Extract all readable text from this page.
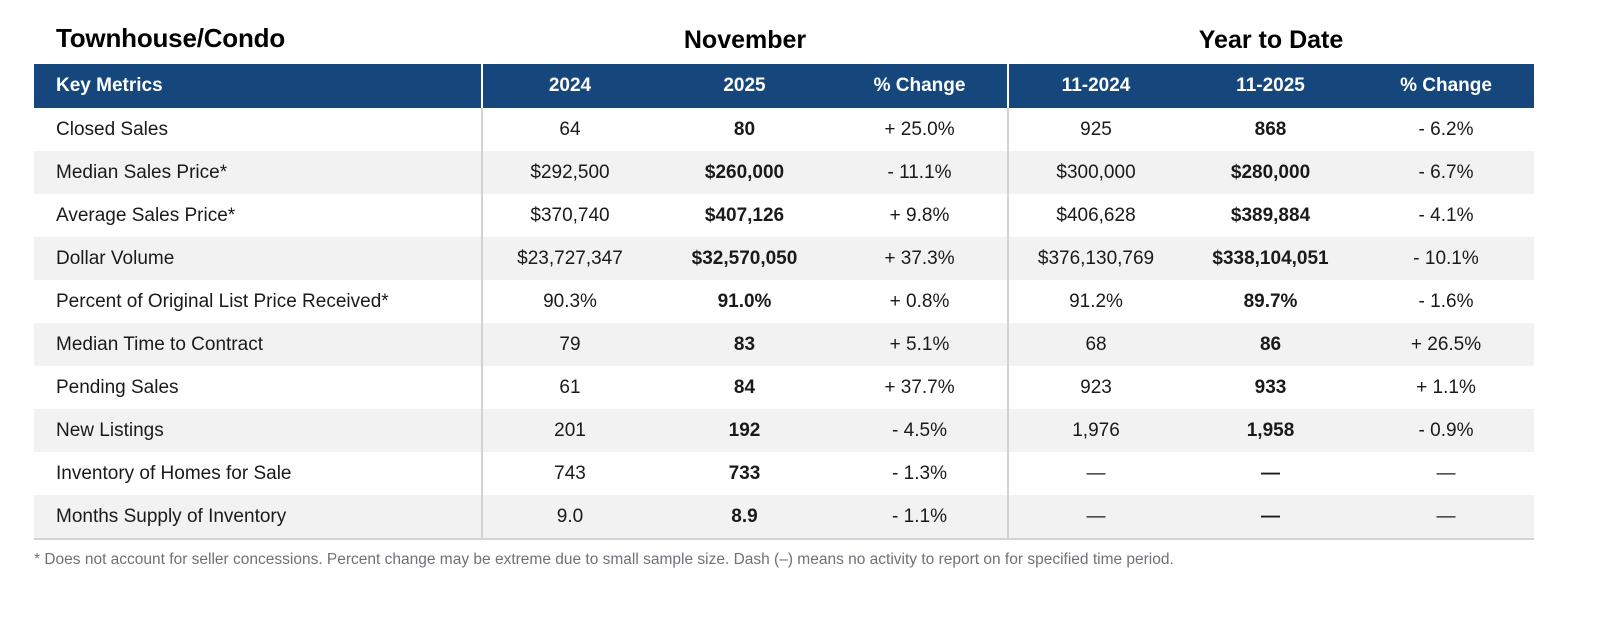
Townhouse/Condo	November			Year to Date		

Key Metrics	2024	2025	% Change	11-2024	11-2025	% Change
Closed Sales	64	80	+ 25.0%	925	868	- 6.2%
Median Sales Price*	$292,500	$260,000	- 11.1%	$300,000	$280,000	- 6.7%
Average Sales Price*	$370,740	$407,126	+ 9.8%	$406,628	$389,884	- 4.1%
Dollar Volume	$23,727,347	$32,570,050	+ 37.3%	$376,130,769	$338,104,051	- 10.1%
Percent of Original List Price Received*	90.3%	91.0%	+ 0.8%	91.2%	89.7%	- 1.6%
Median Time to Contract	79	83	+ 5.1%	68	86	+ 26.5%
Pending Sales	61	84	+ 37.7%	923	933	+ 1.1%
New Listings	201	192	- 4.5%	1,976	1,958	- 0.9%
Inventory of Homes for Sale	743	733	- 1.3%	—	—	—
Months Supply of Inventory	9.0	8.9	- 1.1%	—	—	—
* Does not account for seller concessions. Percent change may be extreme due to small sample size. Dash (–) means no activity to report on for specified time period.
